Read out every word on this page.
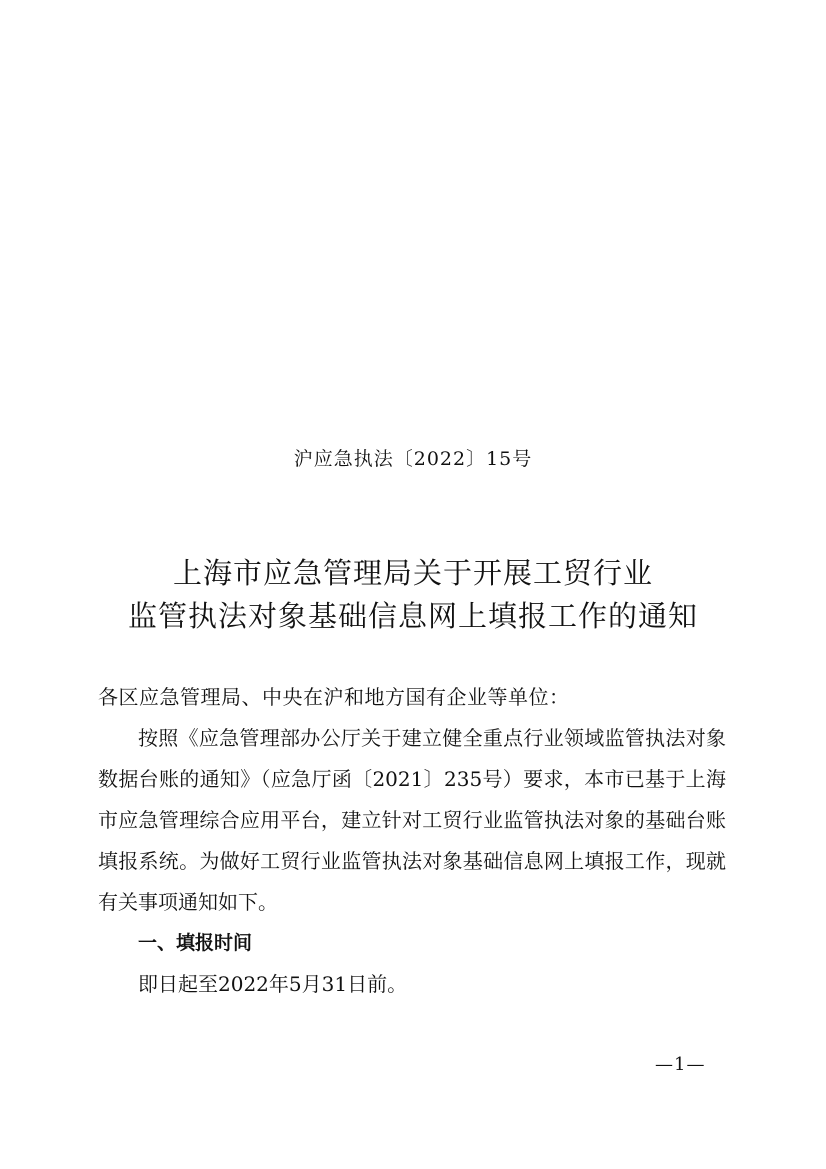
沪应急执法〔2022〕15号
上海市应急管理局关于开展工贸行业
监管执法对象基础信息网上填报工作的通知

各区应急管理局、中央在沪和地方国有企业等单位：

按照《应急管理部办公厅关于建立健全重点行业领域监管执法对象数据台账的通知》（应急厅函〔2021〕235号）要求，本市已基于上海市应急管理综合应用平台，建立针对工贸行业监管执法对象的基础台账填报系统。为做好工贸行业监管执法对象基础信息网上填报工作，现就有关事项通知如下。

一、填报时间

即日起至2022年5月31日前。

—1—
